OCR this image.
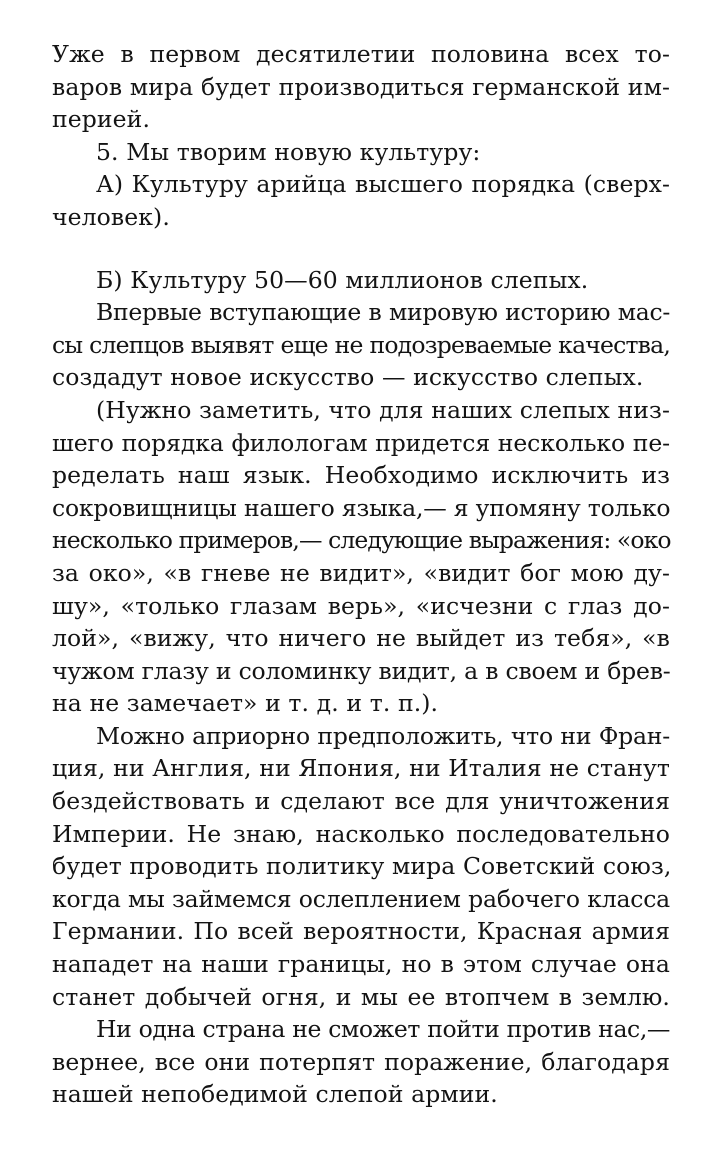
Уже в первом десятилетии половина всех то-
варов мира будет производиться германской им-
перией.
5. Мы творим новую культуру:
А) Культуру арийца высшего порядка (сверх-
человек).
Б) Культуру 50—60 миллионов слепых.
Впервые вступающие в мировую историю мас-
сы слепцов выявят еще не подозреваемые качества,
создадут новое искусство — искусство слепых.
(Нужно заметить, что для наших слепых низ-
шего порядка филологам придется несколько пе-
ределать наш язык. Необходимо исключить из
сокровищницы нашего языка,— я упомяну только
несколько примеров,— следующие выражения: «око
за око», «в гневе не видит», «видит бог мою ду-
шу», «только глазам верь», «исчезни с глаз до-
лой», «вижу, что ничего не выйдет из тебя», «в
чужом глазу и соломинку видит, а в своем и брев-
на не замечает» и т. д. и т. п.).
Можно априорно предположить, что ни Фран-
ция, ни Англия, ни Япония, ни Италия не станут
бездействовать и сделают все для уничтожения
Империи. Не знаю, насколько последовательно
будет проводить политику мира Советский союз,
когда мы займемся ослеплением рабочего класса
Германии. По всей вероятности, Красная армия
нападет на наши границы, но в этом случае она
станет добычей огня, и мы ее втопчем в землю.
Ни одна страна не сможет пойти против нас,—
вернее, все они потерпят поражение, благодаря
нашей непобедимой слепой армии.
